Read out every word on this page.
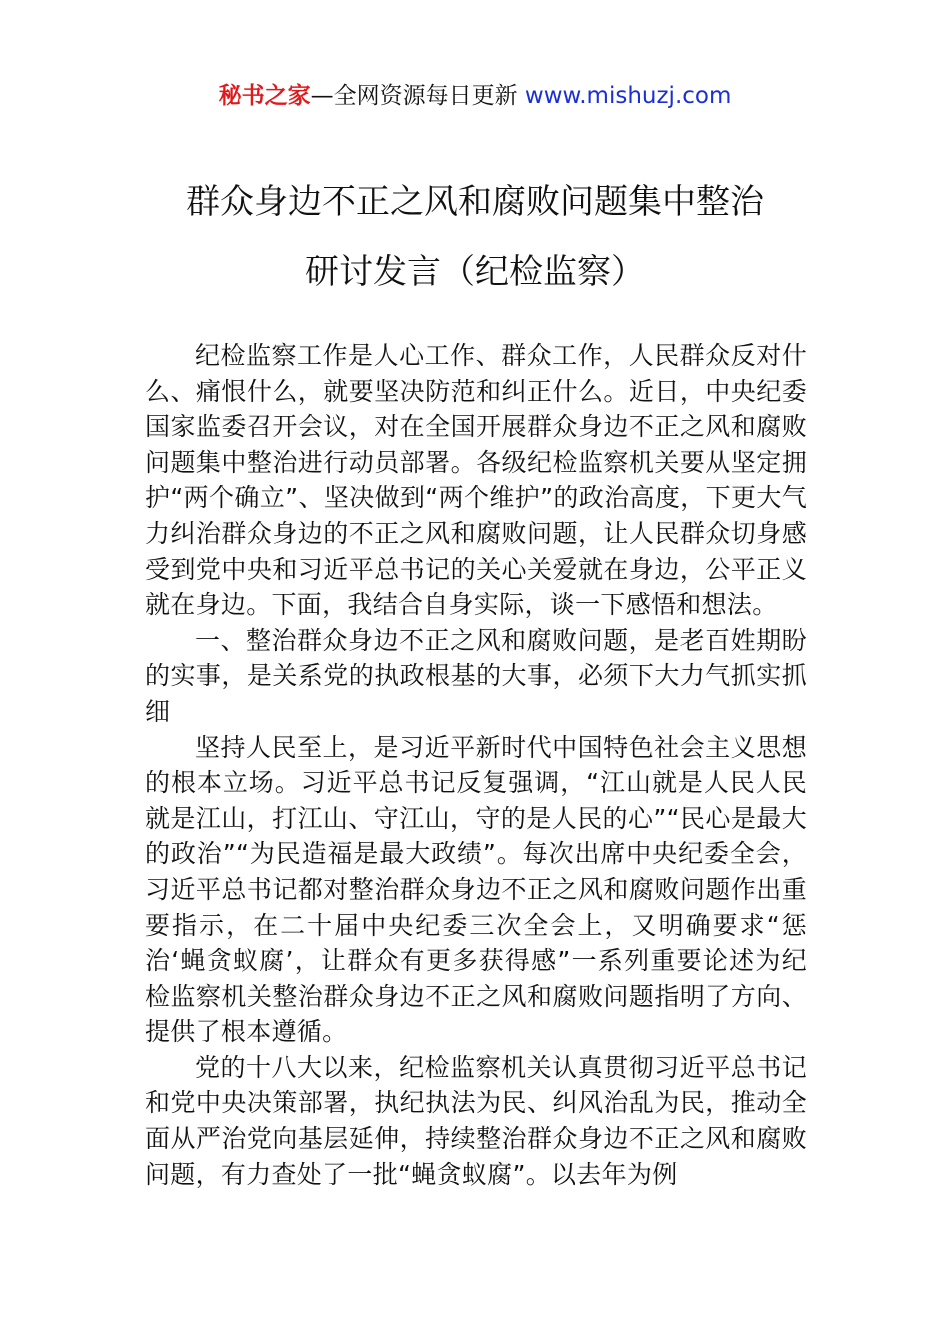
秘书之家—全网资源每日更新 www.mishuzj.com
群众身边不正之风和腐败问题集中整治
研讨发言（纪检监察）

纪检监察工作是人心工作、群众工作，人民群众反对什么、痛恨什么，就要坚决防范和纠正什么。近日，中央纪委国家监委召开会议，对在全国开展群众身边不正之风和腐败问题集中整治进行动员部署。各级纪检监察机关要从坚定拥护“两个确立”、坚决做到“两个维护”的政治高度，下更大气力纠治群众身边的不正之风和腐败问题，让人民群众切身感受到党中央和习近平总书记的关心关爱就在身边，公平正义就在身边。下面，我结合自身实际，谈一下感悟和想法。

一、整治群众身边不正之风和腐败问题，是老百姓期盼的实事，是关系党的执政根基的大事，必须下大力气抓实抓细

坚持人民至上，是习近平新时代中国特色社会主义思想的根本立场。习近平总书记反复强调，“江山就是人民人民就是江山，打江山、守江山，守的是人民的心”“民心是最大的政治”“为民造福是最大政绩”。每次出席中央纪委全会，习近平总书记都对整治群众身边不正之风和腐败问题作出重要指示，在二十届中央纪委三次全会上，又明确要求“惩治‘蝇贪蚁腐’，让群众有更多获得感”一系列重要论述为纪检监察机关整治群众身边不正之风和腐败问题指明了方向、提供了根本遵循。

党的十八大以来，纪检监察机关认真贯彻习近平总书记和党中央决策部署，执纪执法为民、纠风治乱为民，推动全面从严治党向基层延伸，持续整治群众身边不正之风和腐败问题，有力查处了一批“蝇贪蚁腐”。以去年为例
